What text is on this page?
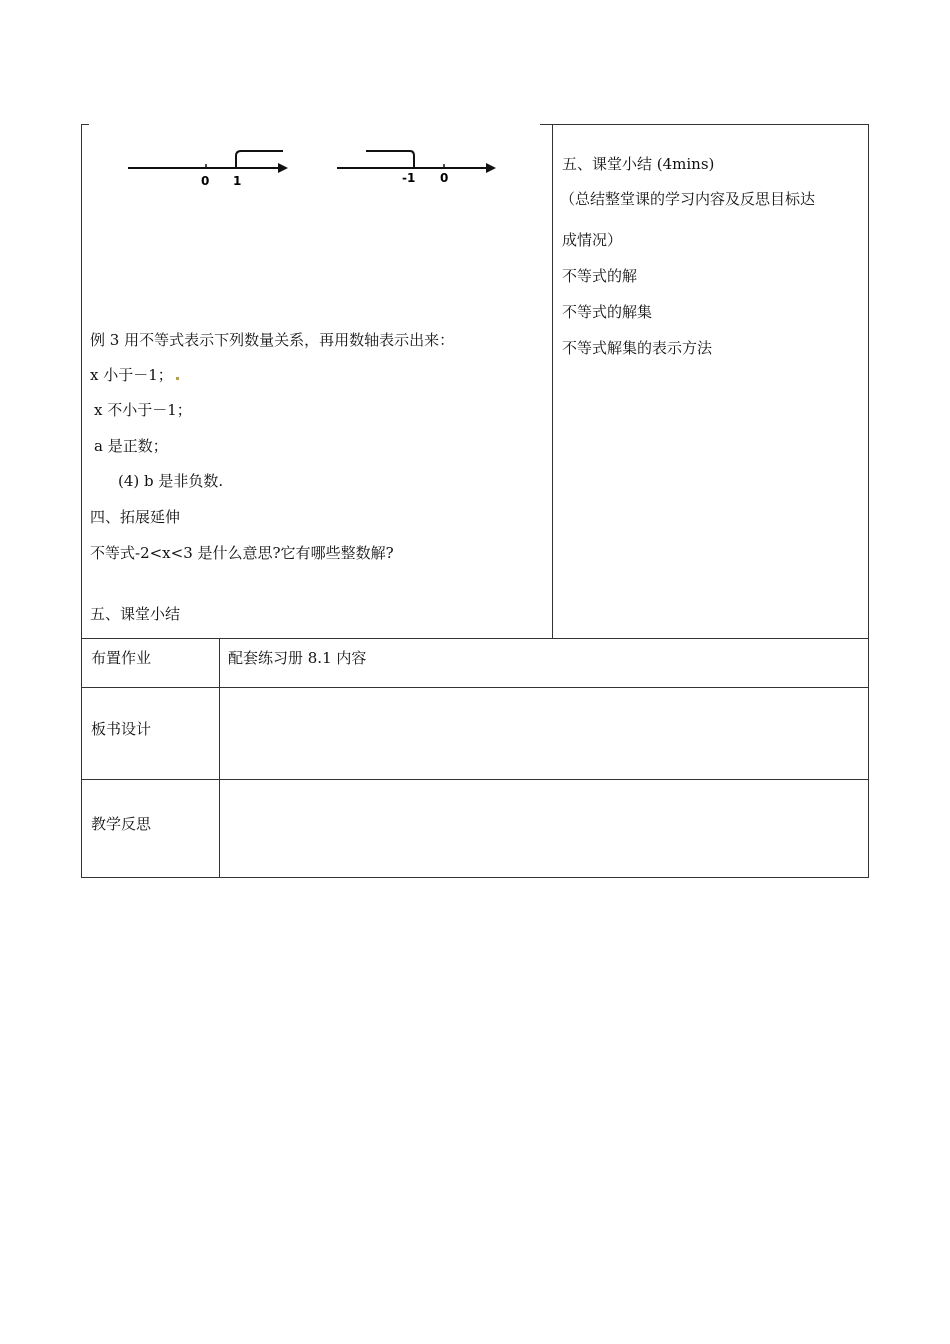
0 1	-1 0
例 3 用不等式表示下列数量关系，再用数轴表示出来：
x 小于－1；
x 不小于－1；
a 是正数；
(4) b 是非负数.
四、拓展延伸
不等式-2<x<3 是什么意思?它有哪些整数解?
五、课堂小结
五、课堂小结 (4mins)
（总结整堂课的学习内容及反思目标达
成情况）
不等式的解
不等式的解集
不等式解集的表示方法
布置作业	配套练习册 8.1 内容
板书设计
教学反思
